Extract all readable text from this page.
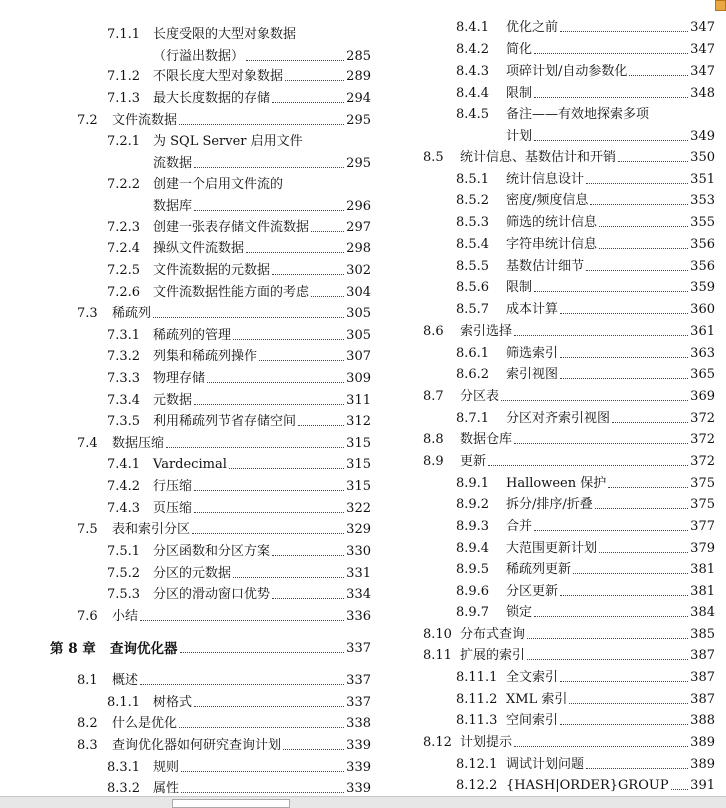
7.1.1 长度受限的大型对象数据
（行溢出数据）	285
7.1.2 不限长度大型对象数据	289
7.1.3 最大长度数据的存储	294
7.2 文件流数据	295
7.2.1 为 SQL Server 启用文件
流数据	295
7.2.2 创建一个启用文件流的
数据库	296
7.2.3 创建一张表存储文件流数据	297
7.2.4 操纵文件流数据	298
7.2.5 文件流数据的元数据	302
7.2.6 文件流数据性能方面的考虑	304
7.3 稀疏列	305
7.3.1 稀疏列的管理	305
7.3.2 列集和稀疏列操作	307
7.3.3 物理存储	309
7.3.4 元数据	311
7.3.5 利用稀疏列节省存储空间	312
7.4 数据压缩	315
7.4.1 Vardecimal	315
7.4.2 行压缩	315
7.4.3 页压缩	322
7.5 表和索引分区	329
7.5.1 分区函数和分区方案	330
7.5.2 分区的元数据	331
7.5.3 分区的滑动窗口优势	334
7.6 小结	336
第 8 章 查询优化器	337
8.1 概述	337
8.1.1 树格式	337
8.2 什么是优化	338
8.3 查询优化器如何研究查询计划	339
8.3.1 规则	339
8.3.2 属性	339
8.4.1 优化之前	347
8.4.2 简化	347
8.4.3 项碎计划/自动参数化	347
8.4.4 限制	348
8.4.5 备注——有效地探索多项
计划	349
8.5 统计信息、基数估计和开销	350
8.5.1 统计信息设计	351
8.5.2 密度/频度信息	353
8.5.3 筛选的统计信息	355
8.5.4 字符串统计信息	356
8.5.5 基数估计细节	356
8.5.6 限制	359
8.5.7 成本计算	360
8.6 索引选择	361
8.6.1 筛选索引	363
8.6.2 索引视图	365
8.7 分区表	369
8.7.1 分区对齐索引视图	372
8.8 数据仓库	372
8.9 更新	372
8.9.1 Halloween 保护	375
8.9.2 拆分/排序/折叠	375
8.9.3 合并	377
8.9.4 大范围更新计划	379
8.9.5 稀疏列更新	381
8.9.6 分区更新	381
8.9.7 锁定	384
8.10 分布式查询	385
8.11 扩展的索引	387
8.11.1 全文索引	387
8.11.2 XML 索引	387
8.11.3 空间索引	388
8.12 计划提示	389
8.12.1 调试计划问题	389
8.12.2 {HASH|ORDER}GROUP 391
